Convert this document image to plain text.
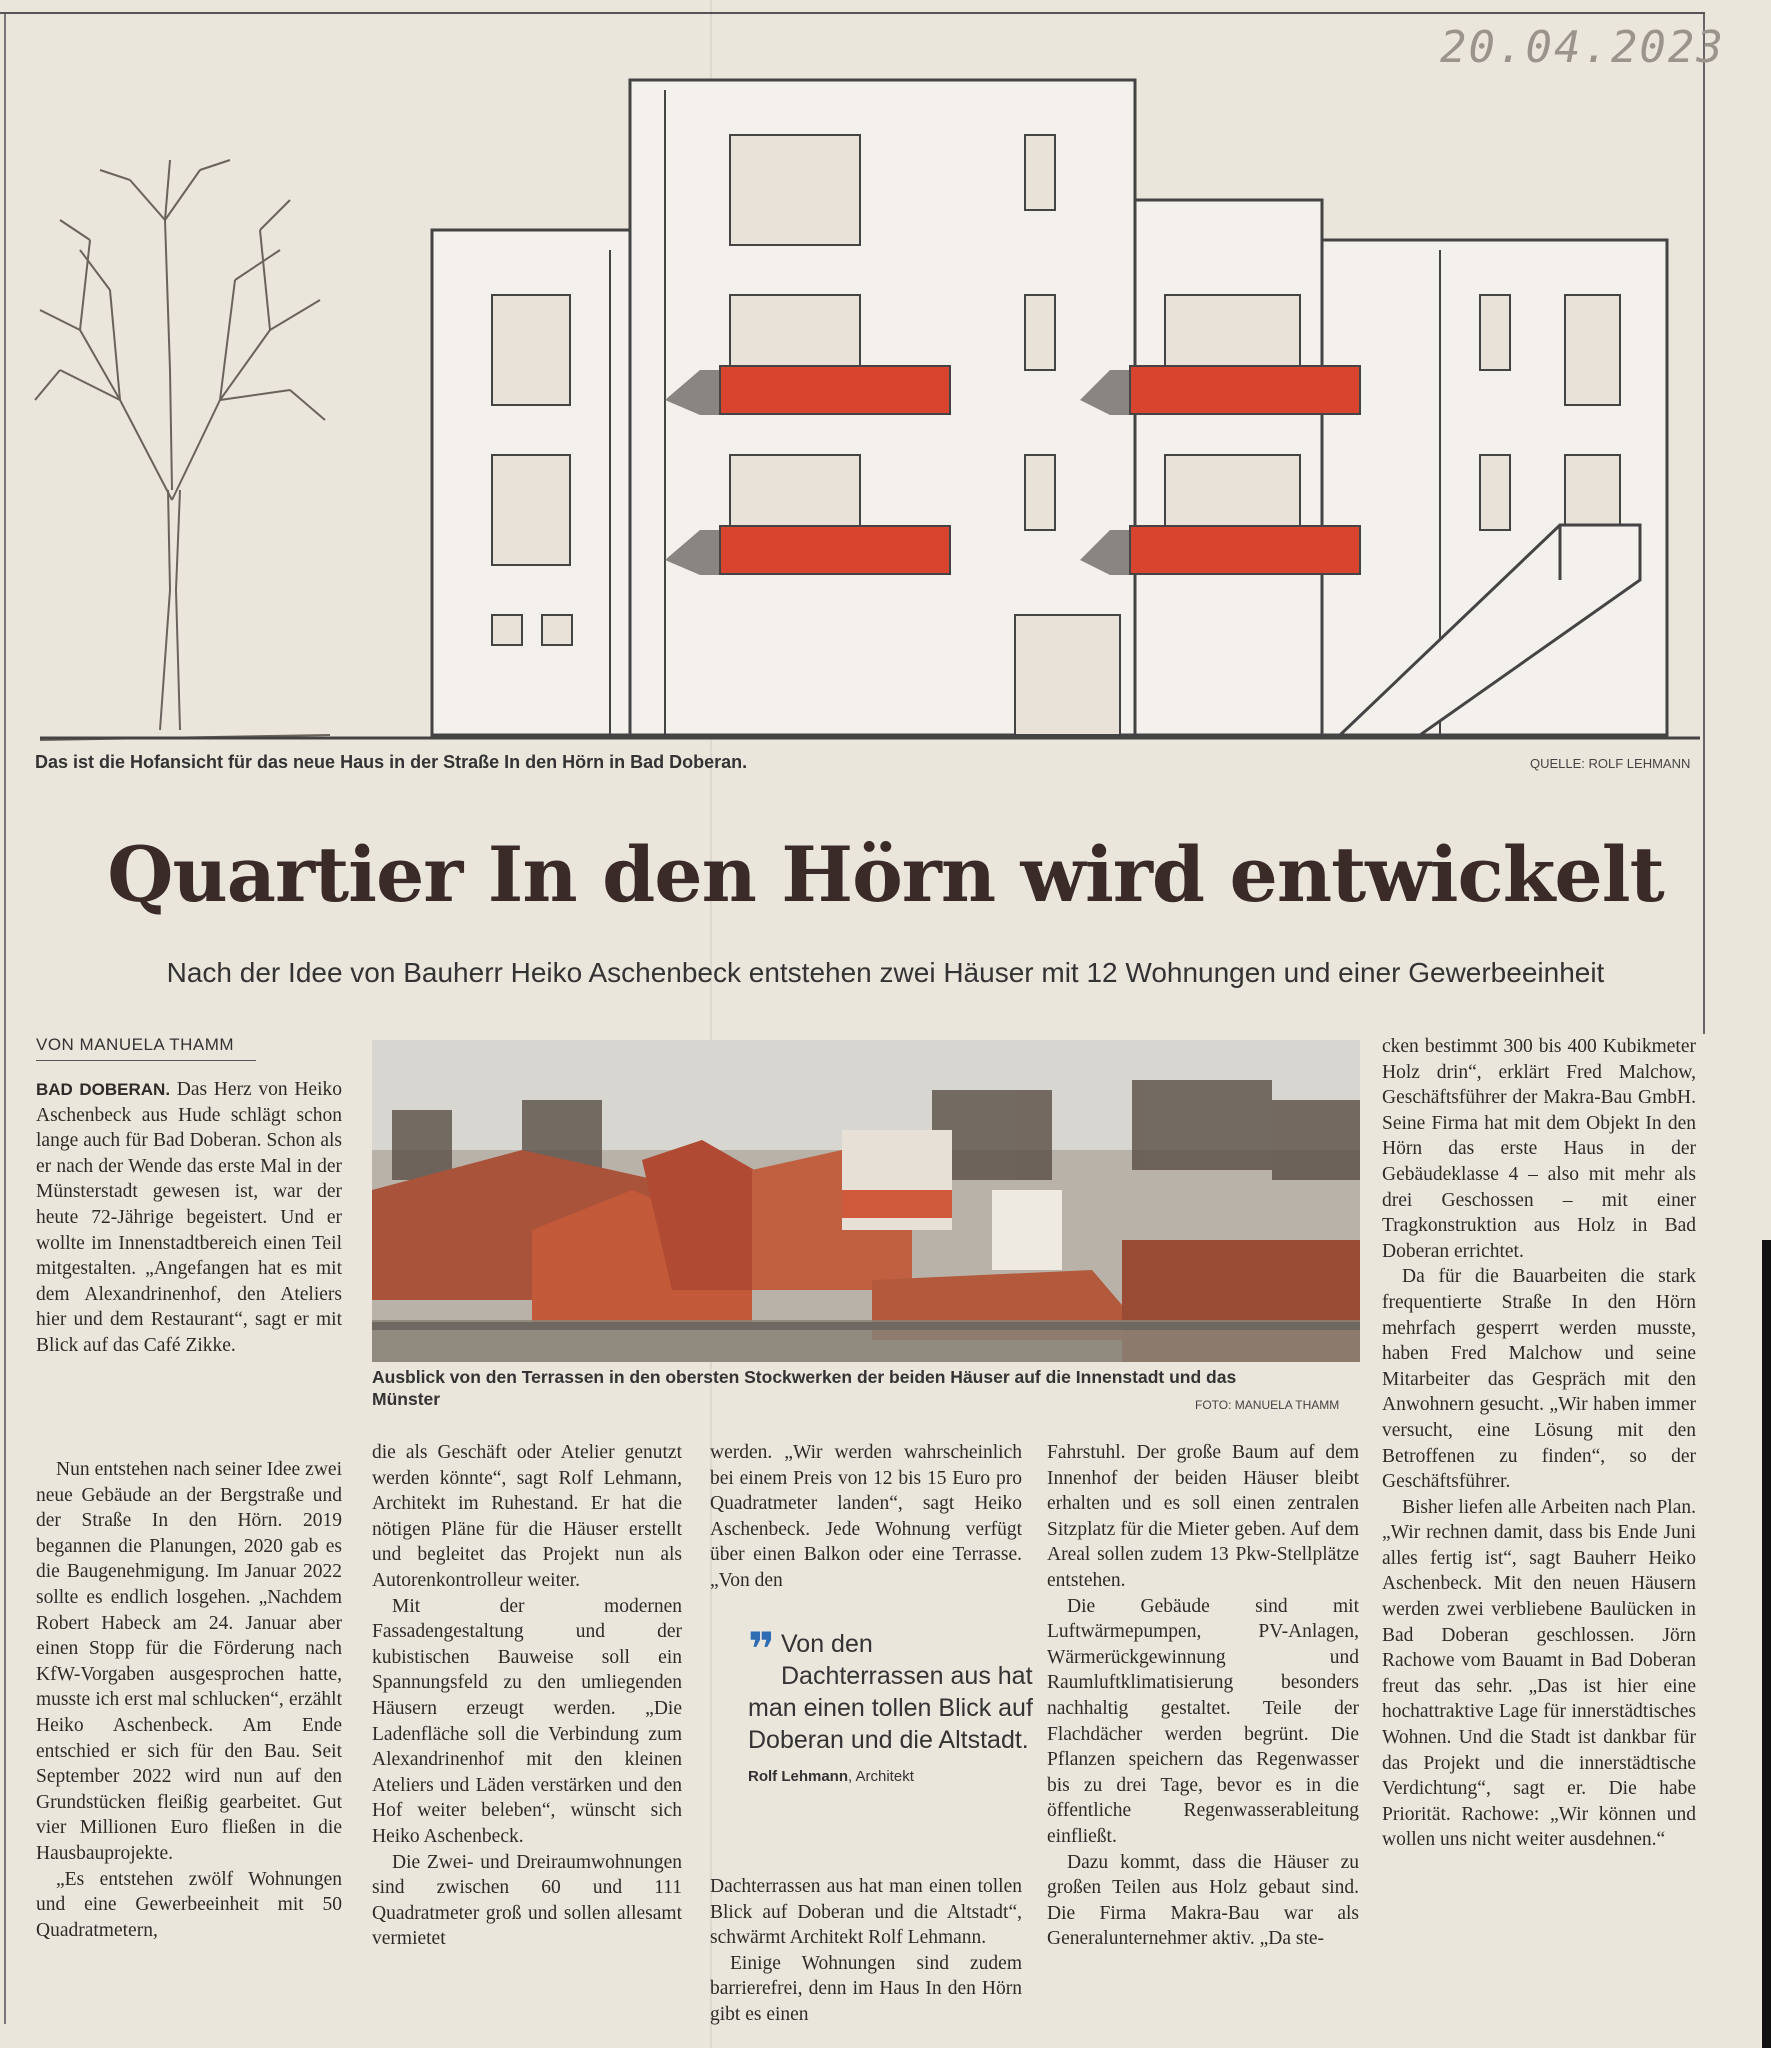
20.04.2023
Das ist die Hofansicht für das neue Haus in der Straße In den Hörn in Bad Doberan.	QUELLE: ROLF LEHMANN
Quartier In den Hörn wird entwickelt
Nach der Idee von Bauherr Heiko Aschenbeck entstehen zwei Häuser mit 12 Wohnungen und einer Gewerbeeinheit
VON MANUELA THAMM

BAD DOBERAN. Das Herz von Heiko Aschenbeck aus Hude schlägt schon lange auch für Bad Doberan. Schon als er nach der Wende das erste Mal in der Münsterstadt gewesen ist, war der heute 72-Jährige begeistert. Und er wollte im Innenstadtbereich einen Teil mitgestalten. „Angefangen hat es mit dem Alexandrinenhof, den Ateliers hier und dem Restaurant“, sagt er mit Blick auf das Café Zikke.

Nun entstehen nach seiner Idee zwei neue Gebäude an der Bergstraße und der Straße In den Hörn. 2019 begannen die Planungen, 2020 gab es die Baugenehmigung. Im Januar 2022 sollte es endlich losgehen. „Nachdem Robert Habeck am 24. Januar aber einen Stopp für die Förderung nach KfW-Vorgaben ausgesprochen hatte, musste ich erst mal schlucken“, erzählt Heiko Aschenbeck. Am Ende entschied er sich für den Bau. Seit September 2022 wird nun auf den Grundstücken fleißig gearbeitet. Gut vier Millionen Euro fließen in die Hausbauprojekte.

„Es entstehen zwölf Wohnungen und eine Gewerbeeinheit mit 50 Quadratmetern,

Ausblick von den Terrassen in den obersten Stockwerken der beiden Häuser auf die Innenstadt und das Münster	FOTO: MANUELA THAMM

die als Geschäft oder Atelier genutzt werden könnte“, sagt Rolf Lehmann, Architekt im Ruhestand. Er hat die nötigen Pläne für die Häuser erstellt und begleitet das Projekt nun als Autorenkontrolleur weiter.

Mit der modernen Fassadengestaltung und der kubistischen Bauweise soll ein Spannungsfeld zu den umliegenden Häusern erzeugt werden. „Die Ladenfläche soll die Verbindung zum Alexandrinenhof mit den kleinen Ateliers und Läden verstärken und den Hof weiter beleben“, wünscht sich Heiko Aschenbeck.

Die Zwei- und Dreiraumwohnungen sind zwischen 60 und 111 Quadratmeter groß und sollen allesamt vermietet

werden. „Wir werden wahrscheinlich bei einem Preis von 12 bis 15 Euro pro Quadratmeter landen“, sagt Heiko Aschenbeck. Jede Wohnung verfügt über einen Balkon oder eine Terrasse. „Von den

❞ Von den Dachterrassen aus hat man einen tollen Blick auf Doberan und die Altstadt.
Rolf Lehmann, Architekt

Dachterrassen aus hat man einen tollen Blick auf Doberan und die Altstadt“, schwärmt Architekt Rolf Lehmann.

Einige Wohnungen sind zudem barrierefrei, denn im Haus In den Hörn gibt es einen

Fahrstuhl. Der große Baum auf dem Innenhof der beiden Häuser bleibt erhalten und es soll einen zentralen Sitzplatz für die Mieter geben. Auf dem Areal sollen zudem 13 Pkw-Stellplätze entstehen.

Die Gebäude sind mit Luftwärmepumpen, PV-Anlagen, Wärmerückgewinnung und Raumluftklimatisierung besonders nachhaltig gestaltet. Teile der Flachdächer werden begrünt. Die Pflanzen speichern das Regenwasser bis zu drei Tage, bevor es in die öffentliche Regenwasserableitung einfließt.

Dazu kommt, dass die Häuser zu großen Teilen aus Holz gebaut sind. Die Firma Makra-Bau war als Generalunternehmer aktiv. „Da ste-

cken bestimmt 300 bis 400 Kubikmeter Holz drin“, erklärt Fred Malchow, Geschäftsführer der Makra-Bau GmbH. Seine Firma hat mit dem Objekt In den Hörn das erste Haus in der Gebäudeklasse 4 – also mit mehr als drei Geschossen – mit einer Tragkonstruktion aus Holz in Bad Doberan errichtet.

Da für die Bauarbeiten die stark frequentierte Straße In den Hörn mehrfach gesperrt werden musste, haben Fred Malchow und seine Mitarbeiter das Gespräch mit den Anwohnern gesucht. „Wir haben immer versucht, eine Lösung mit den Betroffenen zu finden“, so der Geschäftsführer.

Bisher liefen alle Arbeiten nach Plan. „Wir rechnen damit, dass bis Ende Juni alles fertig ist“, sagt Bauherr Heiko Aschenbeck. Mit den neuen Häusern werden zwei verbliebene Baulücken in Bad Doberan geschlossen. Jörn Rachowe vom Bauamt in Bad Doberan freut das sehr. „Das ist hier eine hochattraktive Lage für innerstädtisches Wohnen. Und die Stadt ist dankbar für das Projekt und die innerstädtische Verdichtung“, sagt er. Die habe Priorität. Rachowe: „Wir können und wollen uns nicht weiter ausdehnen.“
